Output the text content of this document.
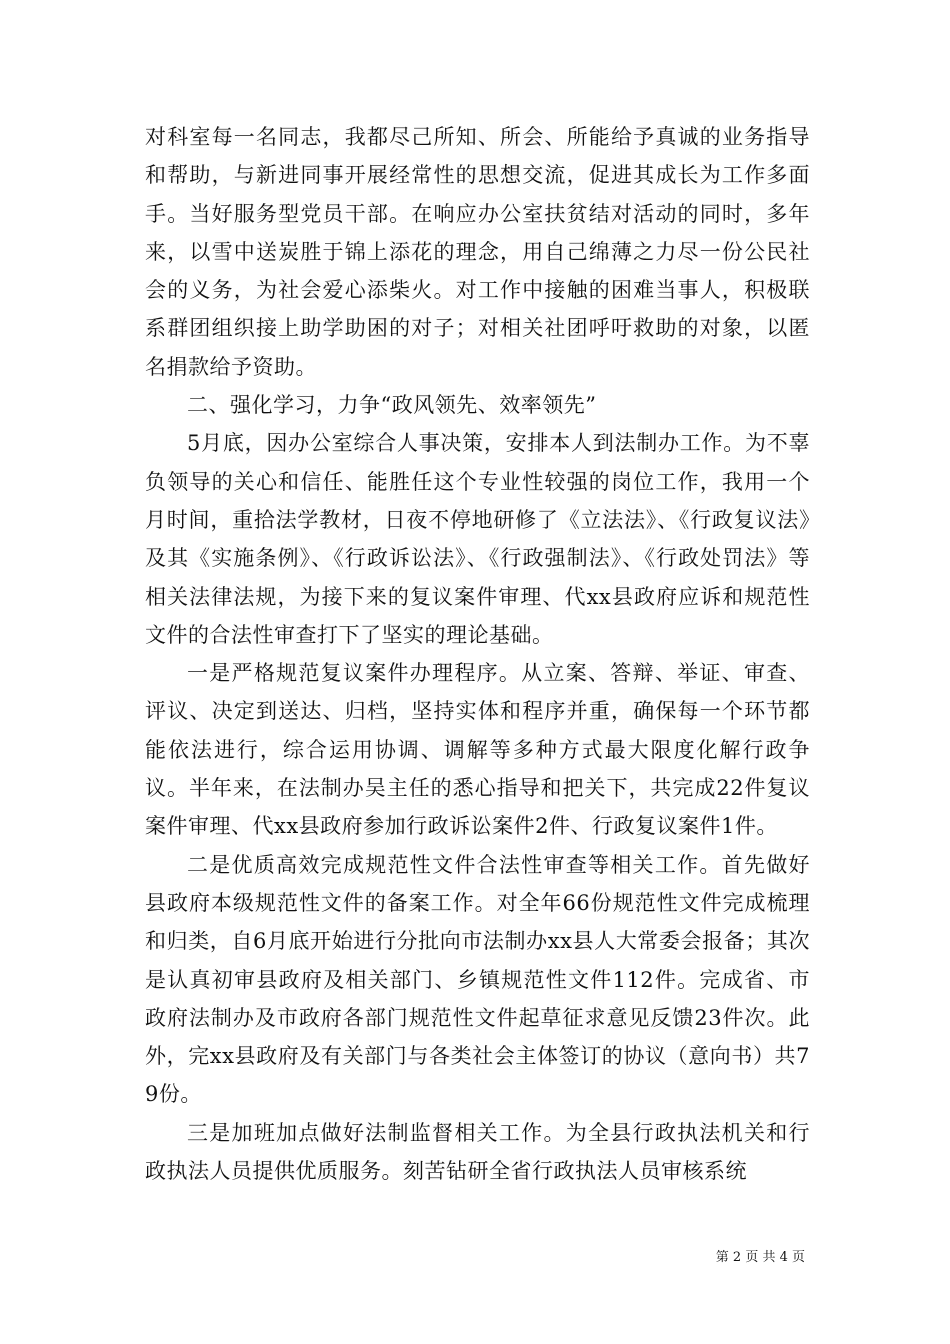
对科室每一名同志，我都尽己所知、所会、所能给予真诚的业务指导和帮助，与新进同事开展经常性的思想交流，促进其成长为工作多面手。当好服务型党员干部。在响应办公室扶贫结对活动的同时，多年来，以雪中送炭胜于锦上添花的理念，用自己绵薄之力尽一份公民社会的义务，为社会爱心添柴火。对工作中接触的困难当事人，积极联系群团组织接上助学助困的对子；对相关社团呼吁救助的对象，以匿名捐款给予资助。

二、强化学习，力争“政风领先、效率领先”

5月底，因办公室综合人事决策，安排本人到法制办工作。为不辜负领导的关心和信任、能胜任这个专业性较强的岗位工作，我用一个月时间，重拾法学教材，日夜不停地研修了《立法法》、《行政复议法》及其《实施条例》、《行政诉讼法》、《行政强制法》、《行政处罚法》等相关法律法规，为接下来的复议案件审理、代xx县政府应诉和规范性文件的合法性审查打下了坚实的理论基础。

一是严格规范复议案件办理程序。从立案、答辩、举证、审查、评议、决定到送达、归档，坚持实体和程序并重，确保每一个环节都能依法进行，综合运用协调、调解等多种方式最大限度化解行政争议。半年来，在法制办吴主任的悉心指导和把关下，共完成22件复议案件审理、代xx县政府参加行政诉讼案件2件、行政复议案件1件。

二是优质高效完成规范性文件合法性审查等相关工作。首先做好县政府本级规范性文件的备案工作。对全年66份规范性文件完成梳理和归类，自6月底开始进行分批向市法制办xx县人大常委会报备；其次是认真初审县政府及相关部门、乡镇规范性文件112件。完成省、市政府法制办及市政府各部门规范性文件起草征求意见反馈23件次。此外，完xx县政府及有关部门与各类社会主体签订的协议（意向书）共79份。

三是加班加点做好法制监督相关工作。为全县行政执法机关和行政执法人员提供优质服务。刻苦钻研全省行政执法人员审核系统

第 2 页 共 4 页
